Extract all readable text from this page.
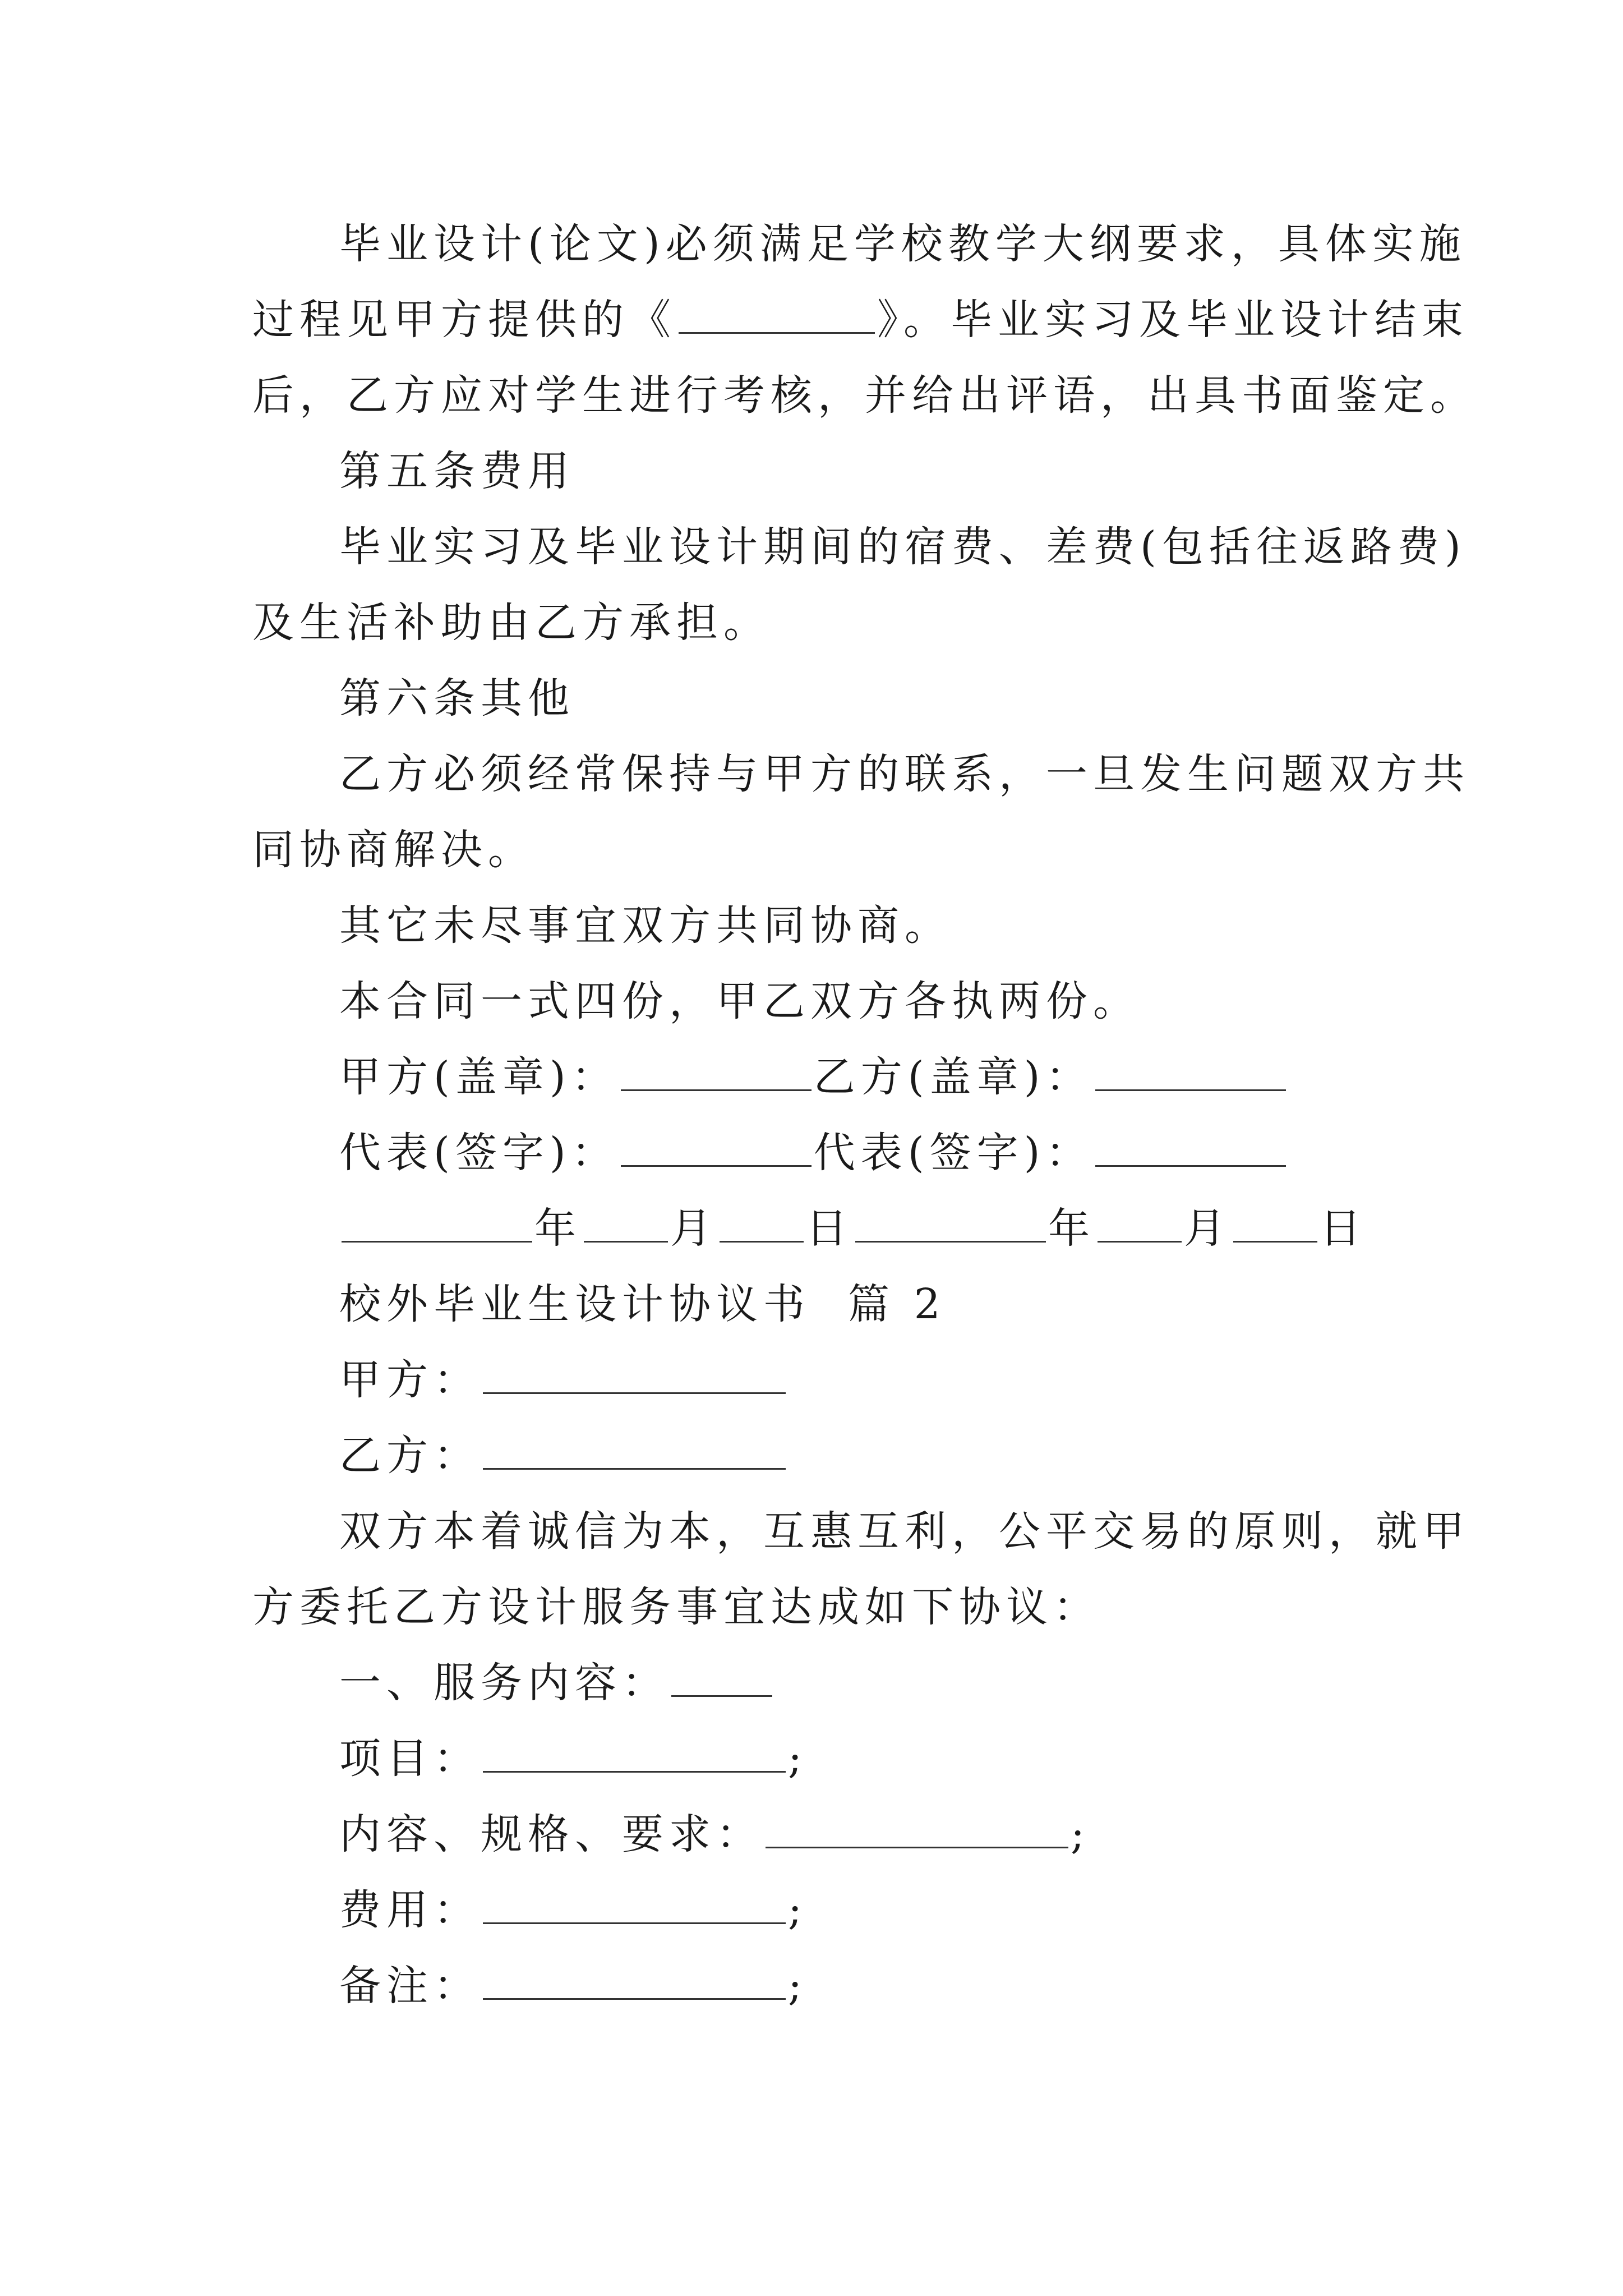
毕业设计(论文)必须满足学校教学大纲要求，具体实施
过程见甲方提供的《	》。毕业实习及毕业设计结束
后，乙方应对学生进行考核，并给出评语，出具书面鉴定。
第五条费用
毕业实习及毕业设计期间的宿费、差费(包括往返路费)
及生活补助由乙方承担。
第六条其他
乙方必须经常保持与甲方的联系，一旦发生问题双方共
同协商解决。
其它未尽事宜双方共同协商。
本合同一式四份，甲乙双方各执两份。
甲方(盖章)：	乙方(盖章)：
代表(签字)：	代表(签字)：
年 月 日	年 月 日
校外毕业生设计协议书  篇 2
甲方：
乙方：
双方本着诚信为本，互惠互利，公平交易的原则，就甲
方委托乙方设计服务事宜达成如下协议：
一、服务内容：
项目：	;
内容、规格、要求：	;
费用：	;
备注：	;
